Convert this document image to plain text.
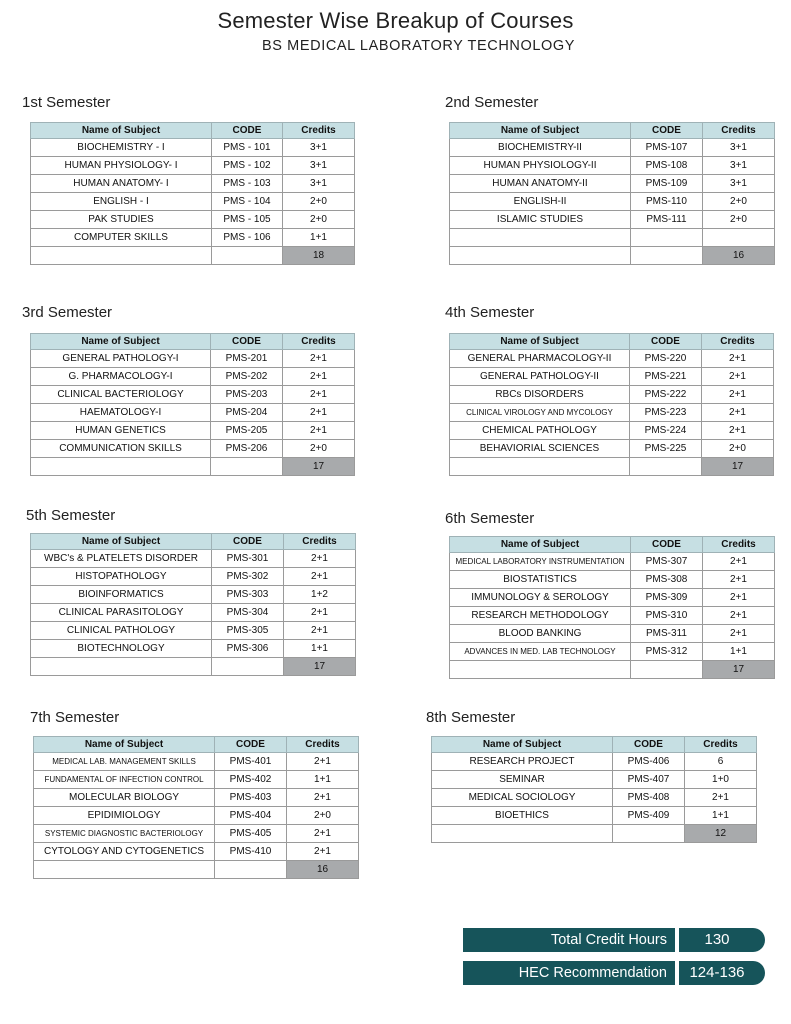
Semester Wise Breakup of Courses
BS MEDICAL LABORATORY TECHNOLOGY
1st Semester
Name of Subject	CODE	Credits
BIOCHEMISTRY - I	PMS - 101	3+1
HUMAN PHYSIOLOGY- I	PMS - 102	3+1
HUMAN ANATOMY- I	PMS - 103	3+1
ENGLISH - I	PMS - 104	2+0
PAK STUDIES	PMS - 105	2+0
COMPUTER SKILLS	PMS - 106	1+1
		18
2nd Semester
Name of Subject	CODE	Credits
BIOCHEMISTRY-II	PMS-107	3+1
HUMAN PHYSIOLOGY-II	PMS-108	3+1
HUMAN ANATOMY-II	PMS-109	3+1
ENGLISH-II	PMS-110	2+0
ISLAMIC STUDIES	PMS-111	2+0

		16
3rd Semester
Name of Subject	CODE	Credits
GENERAL PATHOLOGY-I	PMS-201	2+1
G. PHARMACOLOGY-I	PMS-202	2+1
CLINICAL BACTERIOLOGY	PMS-203	2+1
HAEMATOLOGY-I	PMS-204	2+1
HUMAN GENETICS	PMS-205	2+1
COMMUNICATION SKILLS	PMS-206	2+0
		17
4th Semester
Name of Subject	CODE	Credits
GENERAL PHARMACOLOGY-II	PMS-220	2+1
GENERAL PATHOLOGY-II	PMS-221	2+1
RBCs DISORDERS	PMS-222	2+1
CLINICAL VIROLOGY AND MYCOLOGY	PMS-223	2+1
CHEMICAL PATHOLOGY	PMS-224	2+1
BEHAVIORIAL SCIENCES	PMS-225	2+0
		17
5th Semester
Name of Subject	CODE	Credits
WBC's & PLATELETS DISORDER	PMS-301	2+1
HISTOPATHOLOGY	PMS-302	2+1
BIOINFORMATICS	PMS-303	1+2
CLINICAL PARASITOLOGY	PMS-304	2+1
CLINICAL PATHOLOGY	PMS-305	2+1
BIOTECHNOLOGY	PMS-306	1+1
		17
6th Semester
Name of Subject	CODE	Credits
MEDICAL LABORATORY INSTRUMENTATION	PMS-307	2+1
BIOSTATISTICS	PMS-308	2+1
IMMUNOLOGY & SEROLOGY	PMS-309	2+1
RESEARCH METHODOLOGY	PMS-310	2+1
BLOOD BANKING	PMS-311	2+1
ADVANCES IN MED. LAB TECHNOLOGY	PMS-312	1+1
		17
7th Semester
Name of Subject	CODE	Credits
MEDICAL LAB. MANAGEMENT SKILLS	PMS-401	2+1
FUNDAMENTAL OF INFECTION CONTROL	PMS-402	1+1
MOLECULAR BIOLOGY	PMS-403	2+1
EPIDIMIOLOGY	PMS-404	2+0
SYSTEMIC DIAGNOSTIC BACTERIOLOGY	PMS-405	2+1
CYTOLOGY AND CYTOGENETICS	PMS-410	2+1
		16
8th Semester
Name of Subject	CODE	Credits
RESEARCH PROJECT	PMS-406	6
SEMINAR	PMS-407	1+0
MEDICAL SOCIOLOGY	PMS-408	2+1
BIOETHICS	PMS-409	1+1
		12
Total Credit Hours	130
HEC Recommendation	124-136
